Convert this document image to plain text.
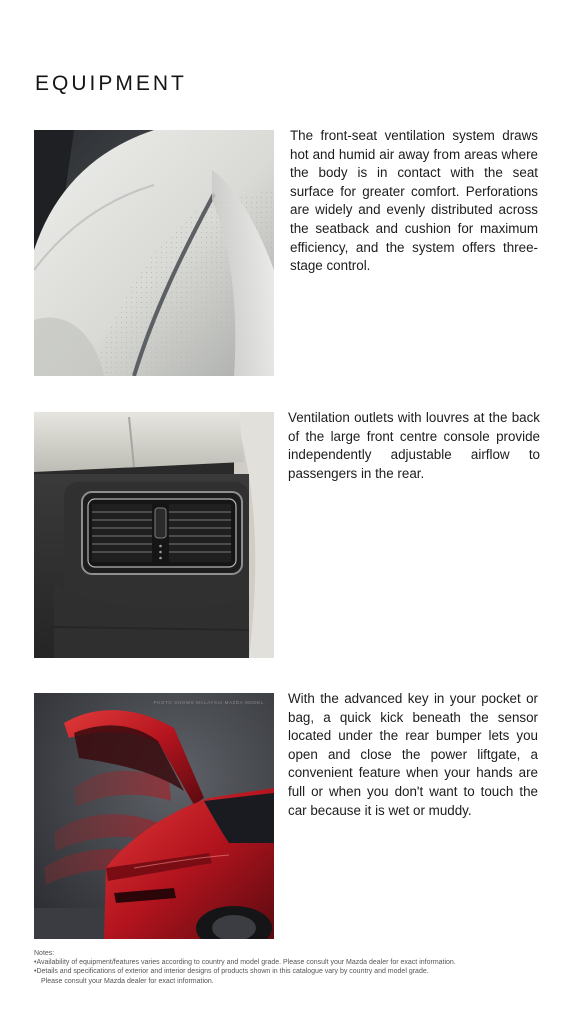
EQUIPMENT

The front-seat ventilation system draws hot and humid air away from areas where the body is in contact with the seat surface for greater comfort. Perforations are widely and evenly distributed across the seatback and cushion for maximum efficiency, and the system offers three-stage control.

Ventilation outlets with louvres at the back of the large front centre console provide independently adjustable airflow to passengers in the rear.

PHOTO SHOWS MALAYSIA MAZDA MODEL With the advanced key in your pocket or bag, a quick kick beneath the sensor located under the rear bumper lets you open and close the power liftgate, a convenient feature when your hands are full or when you don't want to touch the car because it is wet or muddy.

Notes:
• Availability of equipment/features varies according to country and model grade. Please consult your Mazda dealer for exact information.
• Details and specifications of exterior and interior designs of products shown in this catalogue vary by country and model grade.
Please consult your Mazda dealer for exact information.
